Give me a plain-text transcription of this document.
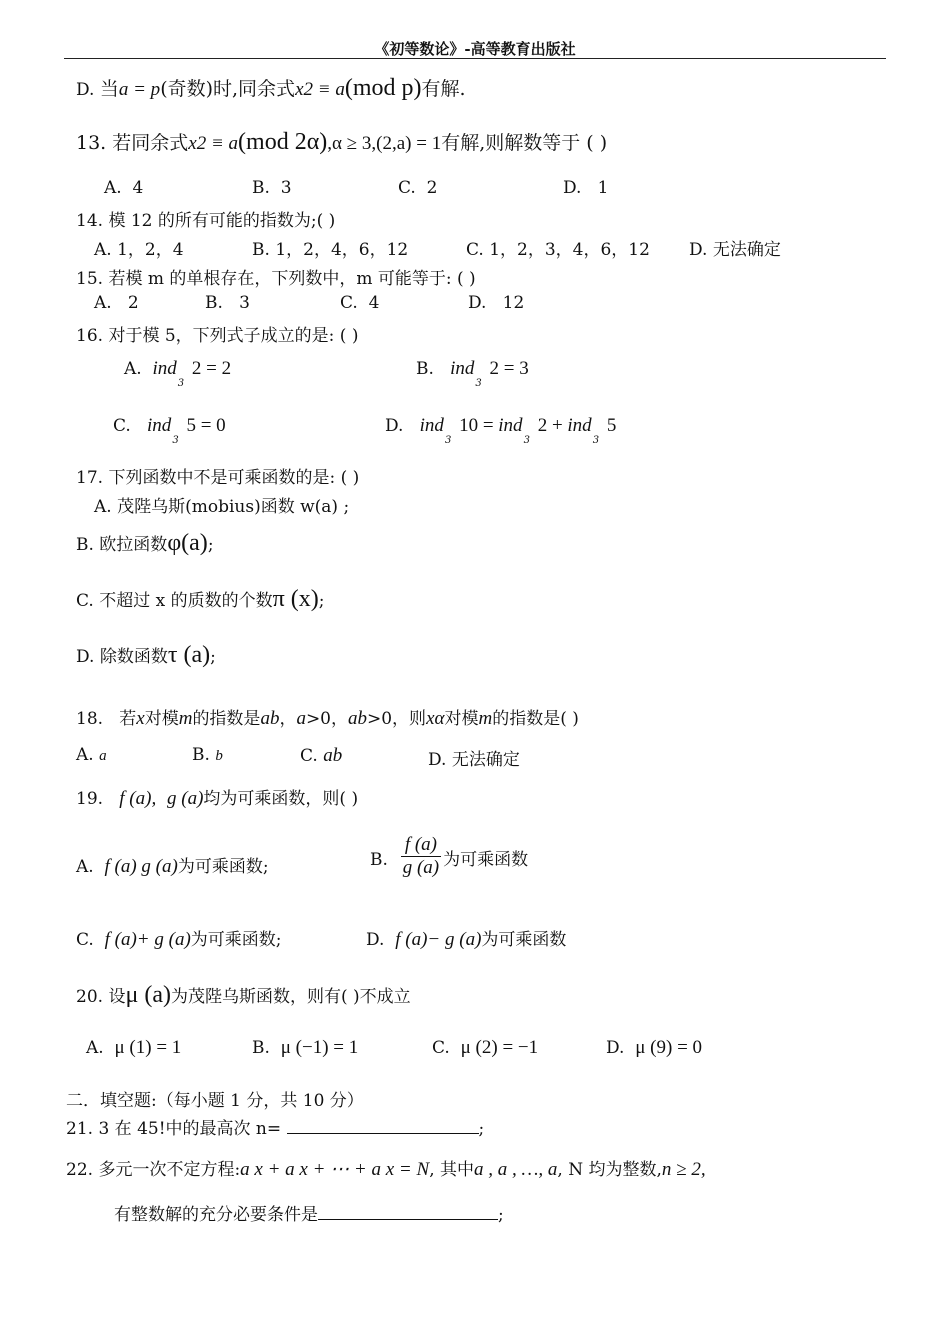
《初等数论》-高等教育出版社
D. 当a = p(奇数)时,同余式x2 ≡ a(mod p)有解.
13. 若同余式x2 ≡ a(mod 2α),α ≥ 3,(2,a) = 1有解,则解数等于 ( )
A. 4	B. 3	C. 2	D. 1
14. 模 12 的所有可能的指数为;( )
A. 1，2，4	B. 1，2，4，6，12	C. 1，2，3，4，6，12 D. 无法确定
15. 若模 m 的单根存在，下列数中，m 可能等于: ( )
A. 2	B. 3	C. 4	D. 12
16. 对于模 5，下列式子成立的是: ( )
A. ind$_3$ 2 = 2	B. ind$_3$ 2 = 3
C. ind$_3$ 5 = 0	D. ind$_3$ 10 = ind$_3$ 2 + ind$_3$ 5
17. 下列函数中不是可乘函数的是: ( )
A. 茂陛乌斯(mobius)函数 w(a) ;
B. 欧拉函数φ(a);
C. 不超过 x 的质数的个数π (x);
D. 除数函数τ (a);
18. 若x对模m的指数是ab，a>0，ab>0，则xα对模m的指数是( )
A. a	B. b	C. ab	D. 无法确定
19. f (a), g (a)均为可乘函数，则( )
A. f (a) g (a)为可乘函数;	B. $\frac{f (a)}{g (a)}$ 为可乘函数
C. f (a)+ g (a)为可乘函数;	D. f (a)− g (a)为可乘函数
20. 设μ (a)为茂陛乌斯函数，则有( )不成立
A. μ (1) = 1	B. μ (−1) = 1	C. μ (2) = −1	D. μ (9) = 0
二．填空题:（每小题 1 分，共 10 分）
21. 3 在 45!中的最高次 n=	;
22. 多元一次不定方程:a x + a x + ⋯ + a x = N, 其中a , a , …, a, N 均为整数,n ≥ 2,
有整数解的充分必要条件是	;
